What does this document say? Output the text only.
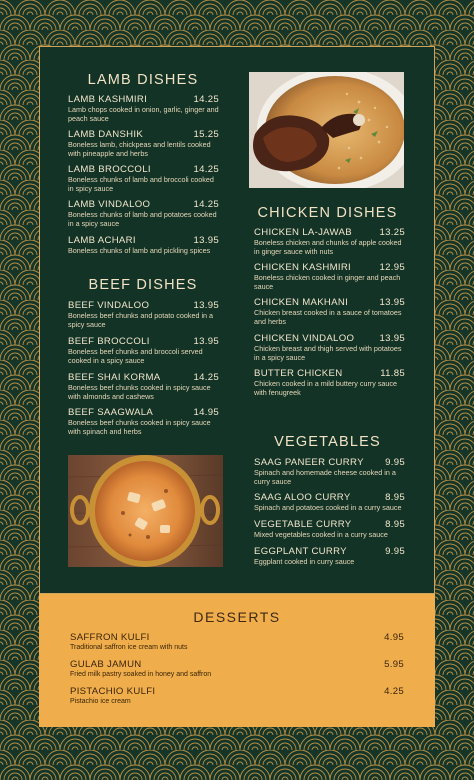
LAMB DISHES
LAMB KASHMIRI	14.25
Lamb chops cooked in onion, garlic, ginger and peach sauce
LAMB DANSHIK	15.25
Boneless lamb, chickpeas and lentils cooked with pineapple and herbs
LAMB BROCCOLI	14.25
Boneless chunks of lamb and broccoli cooked in spicy sauce
LAMB VINDALOO	14.25
Boneless chunks of lamb and potatoes cooked in a spicy sauce
LAMB ACHARI	13.95
Boneless chunks of lamb and pickling spices
BEEF DISHES
BEEF VINDALOO	13.95
Boneless beef chunks and potato cooked in a spicy sauce
BEEF BROCCOLI	13.95
Boneless beef chunks and broccoli served cooked in a spicy sauce
BEEF SHAI KORMA	14.25
Boneless beef chunks cooked in spicy sauce with almonds and cashews
BEEF SAAGWALA	14.95
Boneless beef chunks cooked in spicy sauce with spinach and herbs
CHICKEN DISHES
CHICKEN LA-JAWAB	13.25
Boneless chicken and chunks of apple cooked in ginger sauce with nuts
CHICKEN KASHMIRI	12.95
Boneless chicken cooked in ginger and peach sauce
CHICKEN MAKHANI	13.95
Chicken breast cooked in a sauce of tomatoes and herbs
CHICKEN VINDALOO	13.95
Chicken breast and thigh served with potatoes in a spicy sauce
BUTTER CHICKEN	11.85
Chicken cooked in a mild buttery curry sauce with fenugreek
VEGETABLES
SAAG PANEER CURRY 9.95
Spinach and homemade cheese cooked in a curry sauce
SAAG ALOO CURRY	8.95
Spinach and potatoes cooked in a curry sauce
VEGETABLE CURRY	8.95
Mixed vegetables cooked in a curry sauce
EGGPLANT CURRY	9.95
Eggplant cooked in curry sauce
DESSERTS
SAFFRON KULFI	4.95
Traditional saffron ice cream with nuts
GULAB JAMUN	5.95
Fried milk pastry soaked in honey and saffron
PISTACHIO KULFI	4.25
Pistachio ice cream
